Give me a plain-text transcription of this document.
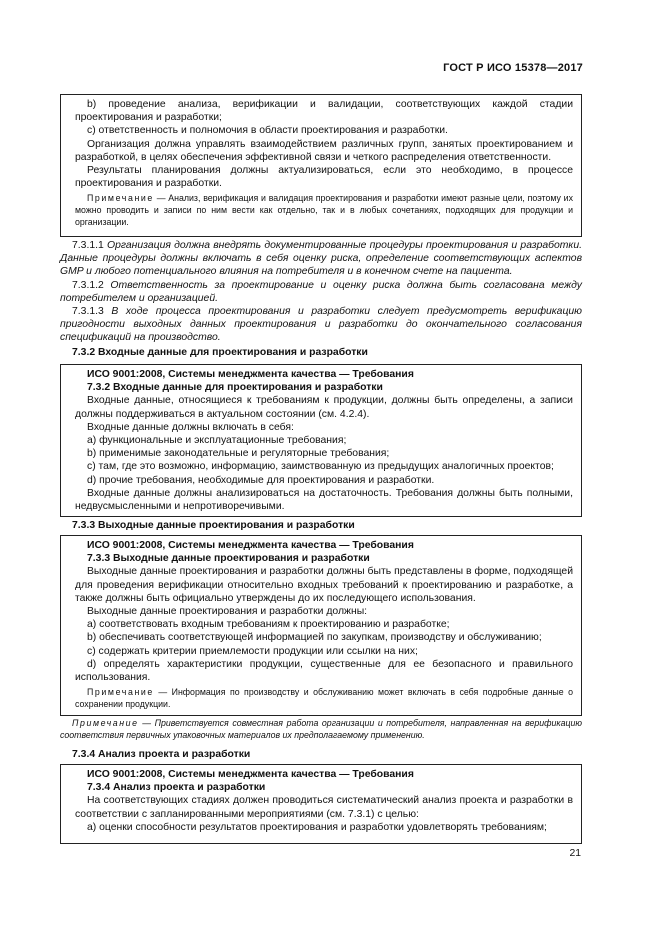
ГОСТ Р ИСО 15378—2017

b) проведение анализа, верификации и валидации, соответствующих каждой стадии проектирования и разработки;

c) ответственность и полномочия в области проектирования и разработки.

Организация должна управлять взаимодействием различных групп, занятых проектированием и разработкой, в целях обеспечения эффективной связи и четкого распределения ответственности.

Результаты планирования должны актуализироваться, если это необходимо, в процессе проектирования и разработки.

Примечание — Анализ, верификация и валидация проектирования и разработки имеют разные цели, поэтому их можно проводить и записи по ним вести как отдельно, так и в любых сочетаниях, подходящих для продукции и организации.

7.3.1.1 Организация должна внедрять документированные процедуры проектирования и разработки. Данные процедуры должны включать в себя оценку риска, определение соответствующих аспектов GMP и любого потенциального влияния на потребителя и в конечном счете на пациента.

7.3.1.2 Ответственность за проектирование и оценку риска должна быть согласована между потребителем и организацией.

7.3.1.3 В ходе процесса проектирования и разработки следует предусмотреть верификацию пригодности выходных данных проектирования и разработки до окончательного согласования спецификаций на производство.

7.3.2 Входные данные для проектирования и разработки

ИСО 9001:2008, Системы менеджмента качества — Требования

7.3.2 Входные данные для проектирования и разработки

Входные данные, относящиеся к требованиям к продукции, должны быть определены, а записи должны поддерживаться в актуальном состоянии (см. 4.2.4).

Входные данные должны включать в себя:

a) функциональные и эксплуатационные требования;

b) применимые законодательные и регуляторные требования;

c) там, где это возможно, информацию, заимствованную из предыдущих аналогичных проектов;

d) прочие требования, необходимые для проектирования и разработки.

Входные данные должны анализироваться на достаточность. Требования должны быть полными, недвусмысленными и непротиворечивыми.

7.3.3 Выходные данные проектирования и разработки

ИСО 9001:2008, Системы менеджмента качества — Требования

7.3.3 Выходные данные проектирования и разработки

Выходные данные проектирования и разработки должны быть представлены в форме, подходящей для проведения верификации относительно входных требований к проектированию и разработке, а также должны быть официально утверждены до их последующего использования.

Выходные данные проектирования и разработки должны:

a) соответствовать входным требованиям к проектированию и разработке;

b) обеспечивать соответствующей информацией по закупкам, производству и обслуживанию;

c) содержать критерии приемлемости продукции или ссылки на них;

d) определять характеристики продукции, существенные для ее безопасного и правильного использования.

Примечание — Информация по производству и обслуживанию может включать в себя подробные данные о сохранении продукции.

Примечание — Приветствуется совместная работа организации и потребителя, направленная на верификацию соответствия первичных упаковочных материалов их предполагаемому применению.

7.3.4 Анализ проекта и разработки

ИСО 9001:2008, Системы менеджмента качества — Требования

7.3.4 Анализ проекта и разработки

На соответствующих стадиях должен проводиться систематический анализ проекта и разработки в соответствии с запланированными мероприятиями (см. 7.3.1) с целью:

a) оценки способности результатов проектирования и разработки удовлетворять требованиям;

21
